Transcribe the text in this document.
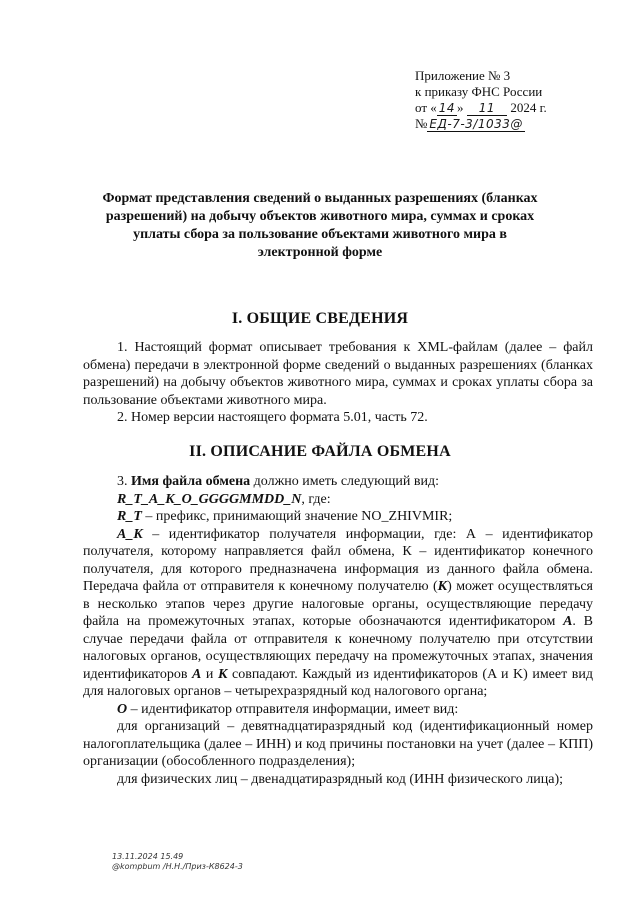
Приложение № 3
к приказу ФНС России
от « 14 » 11 2024 г.
№ ЕД-7-3/1033@
Формат представления сведений о выданных разрешениях (бланках разрешений) на добычу объектов животного мира, суммах и сроках уплаты сбора за пользование объектами животного мира в электронной форме
I. ОБЩИЕ СВЕДЕНИЯ

1. Настоящий формат описывает требования к XML-файлам (далее – файл обмена) передачи в электронной форме сведений о выданных разрешениях (бланках разрешений) на добычу объектов животного мира, суммах и сроках уплаты сбора за пользование объектами животного мира.

2. Номер версии настоящего формата 5.01, часть 72.

II. ОПИСАНИЕ ФАЙЛА ОБМЕНА

3. Имя файла обмена должно иметь следующий вид:

R_T_A_K_O_GGGGMMDD_N, где:

R_T – префикс, принимающий значение NO_ZHIVMIR;

A_K – идентификатор получателя информации, где: А – идентификатор получателя, которому направляется файл обмена, К – идентификатор конечного получателя, для которого предназначена информация из данного файла обмена. Передача файла от отправителя к конечному получателю (К) может осуществляться в несколько этапов через другие налоговые органы, осуществляющие передачу файла на промежуточных этапах, которые обозначаются идентификатором А. В случае передачи файла от отправителя к конечному получателю при отсутствии налоговых органов, осуществляющих передачу на промежуточных этапах, значения идентификаторов А и К совпадают. Каждый из идентификаторов (A и K) имеет вид для налоговых органов – четырехразрядный код налогового органа;

O – идентификатор отправителя информации, имеет вид:

для организаций – девятнадцатиразрядный код (идентификационный номер налогоплательщика (далее – ИНН) и код причины постановки на учет (далее – КПП) организации (обособленного подразделения);

для физических лиц – двенадцатиразрядный код (ИНН физического лица);

13.11.2024 15.49
@kompbum /Н.Н./Приз-К8624-3
